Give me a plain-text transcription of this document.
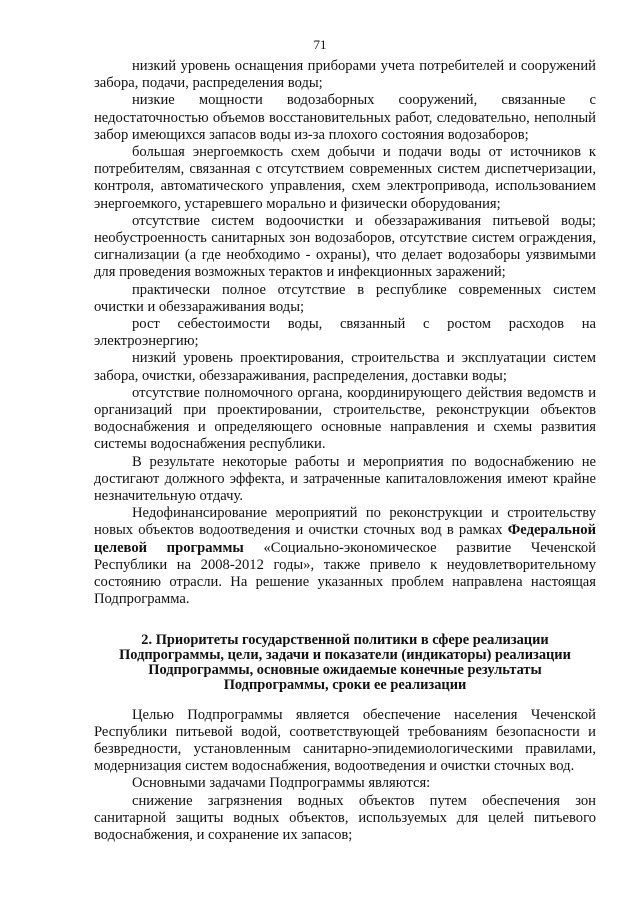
71

низкий уровень оснащения приборами учета потребителей и сооружений забора, подачи, распределения воды;

низкие мощности водозаборных сооружений, связанные с недостаточностью объемов восстановительных работ, следовательно, неполный забор имеющихся запасов воды из-за плохого состояния водозаборов;

большая энергоемкость схем добычи и подачи воды от источников к потребителям, связанная с отсутствием современных систем диспетчеризации, контроля, автоматического управления, схем электропривода, использованием энергоемкого, устаревшего морально и физически оборудования;

отсутствие систем водоочистки и обеззараживания питьевой воды; необустроенность санитарных зон водозаборов, отсутствие систем ограждения, сигнализации (а где необходимо - охраны), что делает водозаборы уязвимыми для проведения возможных терактов и инфекционных заражений;

практически полное отсутствие в республике современных систем очистки и обеззараживания воды;

рост себестоимости воды, связанный с ростом расходов на электроэнергию;

низкий уровень проектирования, строительства и эксплуатации систем забора, очистки, обеззараживания, распределения, доставки воды;

отсутствие полномочного органа, координирующего действия ведомств и организаций при проектировании, строительстве, реконструкции объектов водоснабжения и определяющего основные направления и схемы развития системы водоснабжения республики.

В результате некоторые работы и мероприятия по водоснабжению не достигают должного эффекта, и затраченные капиталовложения имеют крайне незначительную отдачу.

Недофинансирование мероприятий по реконструкции и строительству новых объектов водоотведения и очистки сточных вод в рамках Федеральной целевой программы «Социально-экономическое развитие Чеченской Республики на 2008-2012 годы», также привело к неудовлетворительному состоянию отрасли. На решение указанных проблем направлена настоящая Подпрограмма.

2. Приоритеты государственной политики в сфере реализации
Подпрограммы, цели, задачи и показатели (индикаторы) реализации
Подпрограммы, основные ожидаемые конечные результаты
Подпрограммы, сроки ее реализации

Целью Подпрограммы является обеспечение населения Чеченской Республики питьевой водой, соответствующей требованиям безопасности и безвредности, установленным санитарно-эпидемиологическими правилами, модернизация систем водоснабжения, водоотведения и очистки сточных вод.

Основными задачами Подпрограммы являются:

снижение загрязнения водных объектов путем обеспечения зон санитарной защиты водных объектов, используемых для целей питьевого водоснабжения, и сохранение их запасов;
